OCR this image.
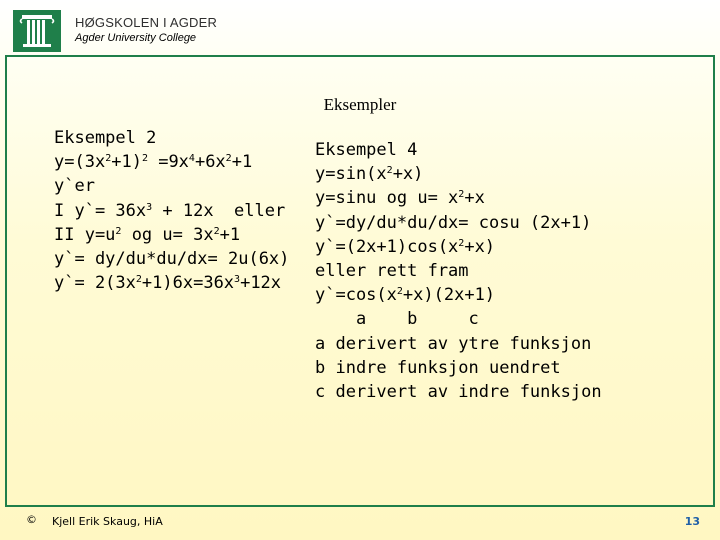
HØGSKOLEN I AGDER
Agder University College
Eksempler
Eksempel 2
$y=(3x^2+1)^2 =9x^4+6x^2+1$
y`er
I y`= $36x^3 + 12x$  eller
II $y=u^2$ og $u= 3x^2+1$
y`= dy/du*du/dx= 2u(6x)
y`= $2(3x^2+1)6x=36x^3+12x$
Eksempel 4
$y=\sin(x^2+x)$
y=sinu og $u= x^2+x$
y`=dy/du*du/dx= cosu (2x+1)
$y`=(2x+1)\cos(x^2+x)$
eller rett fram
$y`=\cos(x^2+x)(2x+1)$
a    b     c
a derivert av ytre funksjon
b indre funksjon uendret
c derivert av indre funksjon
© Kjell Erik Skaug, HiA	13
